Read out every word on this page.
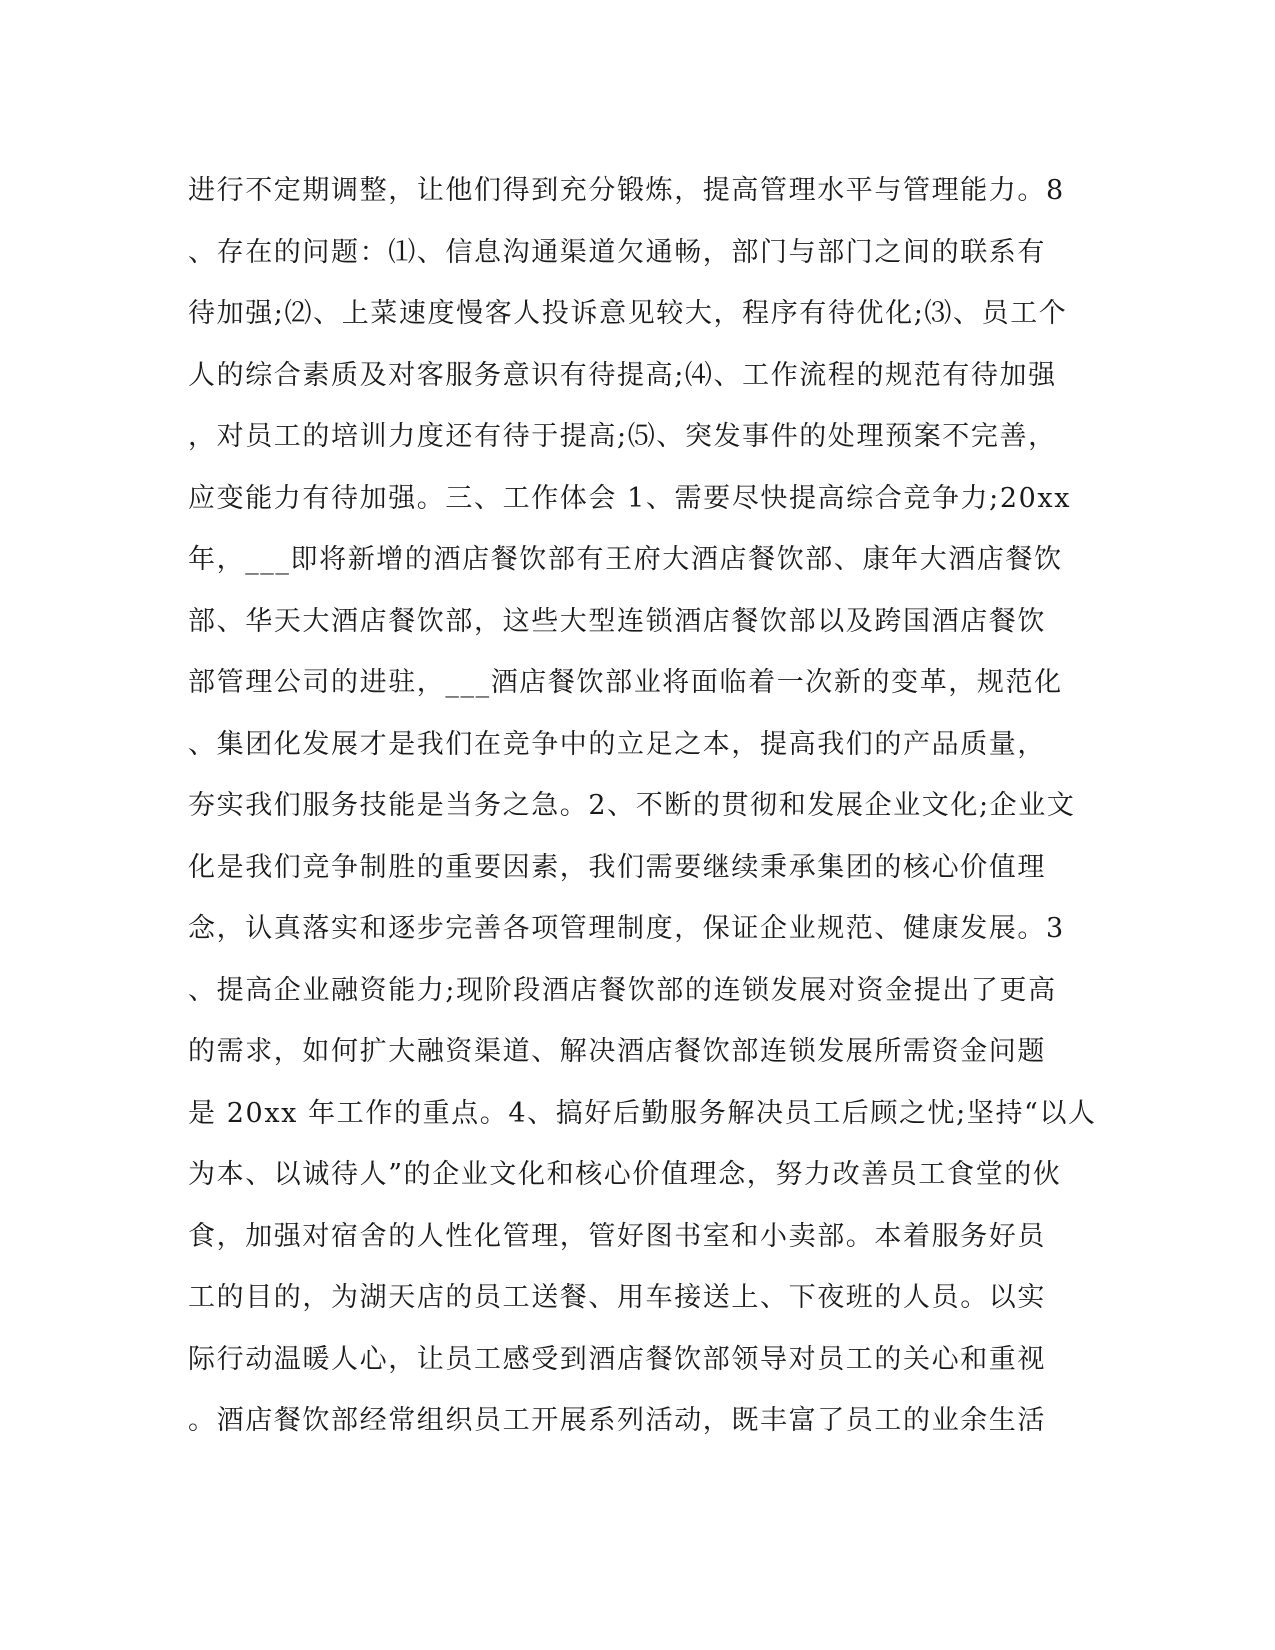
进行不定期调整，让他们得到充分锻炼，提高管理水平与管理能力。8
、存在的问题：⑴、信息沟通渠道欠通畅，部门与部门之间的联系有
待加强;⑵、上菜速度慢客人投诉意见较大，程序有待优化;⑶、员工个
人的综合素质及对客服务意识有待提高;⑷、工作流程的规范有待加强
，对员工的培训力度还有待于提高;⑸、突发事件的处理预案不完善，
应变能力有待加强。三、工作体会 1、需要尽快提高综合竞争力;20xx
年，___即将新增的酒店餐饮部有王府大酒店餐饮部、康年大酒店餐饮
部、华天大酒店餐饮部，这些大型连锁酒店餐饮部以及跨国酒店餐饮
部管理公司的进驻，___酒店餐饮部业将面临着一次新的变革，规范化
、集团化发展才是我们在竞争中的立足之本，提高我们的产品质量，
夯实我们服务技能是当务之急。2、不断的贯彻和发展企业文化;企业文
化是我们竞争制胜的重要因素，我们需要继续秉承集团的核心价值理
念，认真落实和逐步完善各项管理制度，保证企业规范、健康发展。3
、提高企业融资能力;现阶段酒店餐饮部的连锁发展对资金提出了更高
的需求，如何扩大融资渠道、解决酒店餐饮部连锁发展所需资金问题
是 20xx 年工作的重点。4、搞好后勤服务解决员工后顾之忧;坚持“以人
为本、以诚待人”的企业文化和核心价值理念，努力改善员工食堂的伙
食，加强对宿舍的人性化管理，管好图书室和小卖部。本着服务好员
工的目的，为湖天店的员工送餐、用车接送上、下夜班的人员。以实
际行动温暖人心，让员工感受到酒店餐饮部领导对员工的关心和重视
。酒店餐饮部经常组织员工开展系列活动，既丰富了员工的业余生活
